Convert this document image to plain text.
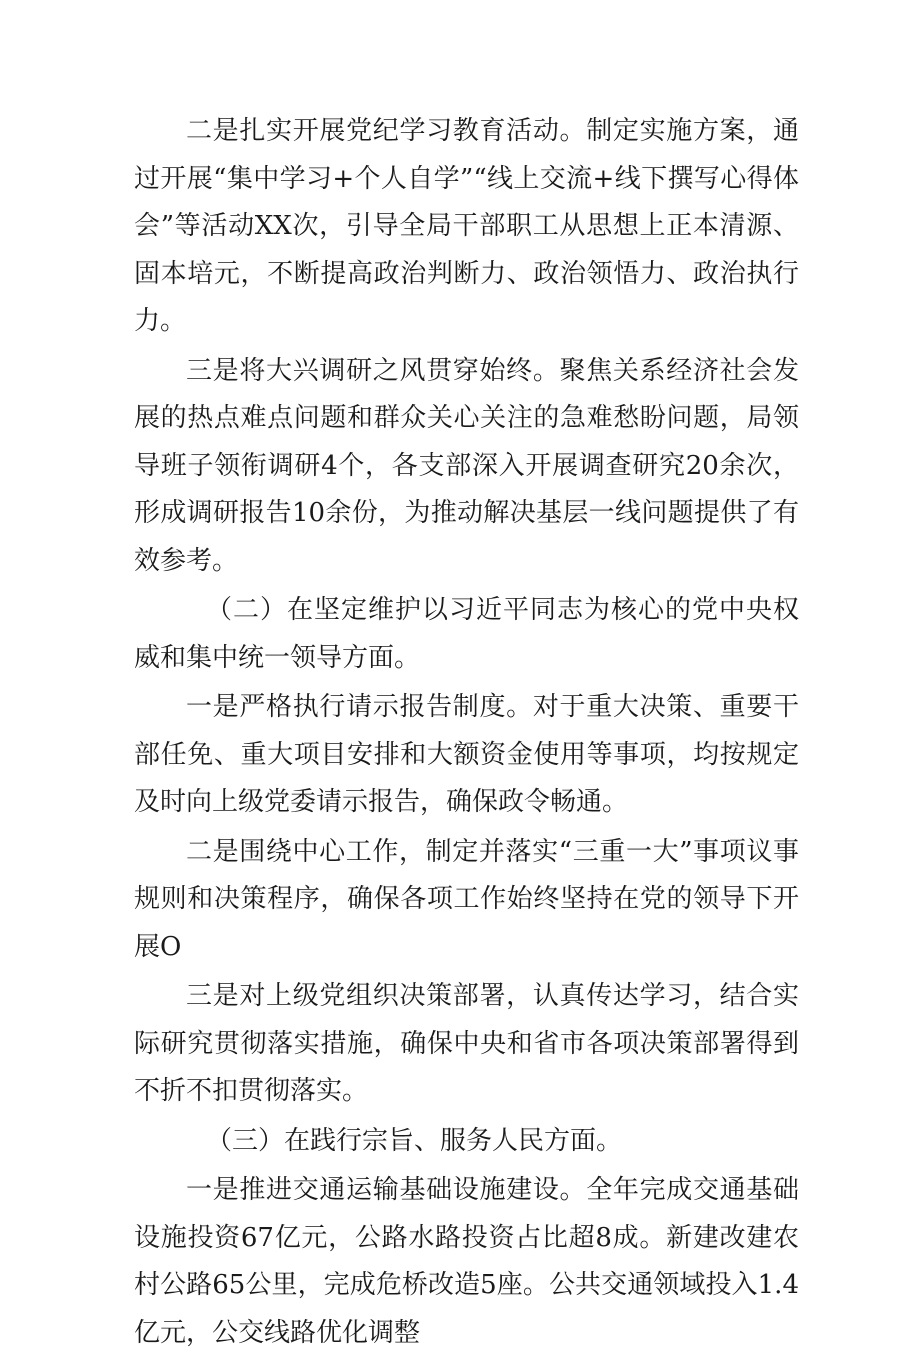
二是扎实开展党纪学习教育活动。制定实施方案，通过开展“集中学习+个人自学”“线上交流+线下撰写心得体会”等活动XX次，引导全局干部职工从思想上正本清源、固本培元，不断提高政治判断力、政治领悟力、政治执行力。

三是将大兴调研之风贯穿始终。聚焦关系经济社会发展的热点难点问题和群众关心关注的急难愁盼问题，局领导班子领衔调研4个，各支部深入开展调查研究20余次，形成调研报告10余份，为推动解决基层一线问题提供了有效参考。

（二）在坚定维护以习近平同志为核心的党中央权威和集中统一领导方面。

一是严格执行请示报告制度。对于重大决策、重要干部任免、重大项目安排和大额资金使用等事项，均按规定及时向上级党委请示报告，确保政令畅通。

二是围绕中心工作，制定并落实“三重一大”事项议事规则和决策程序，确保各项工作始终坚持在党的领导下开展O

三是对上级党组织决策部署，认真传达学习，结合实际研究贯彻落实措施，确保中央和省市各项决策部署得到不折不扣贯彻落实。

（三）在践行宗旨、服务人民方面。

一是推进交通运输基础设施建设。全年完成交通基础设施投资67亿元，公路水路投资占比超8成。新建改建农村公路65公里，完成危桥改造5座。公共交通领域投入1.4亿元，公交线路优化调整
